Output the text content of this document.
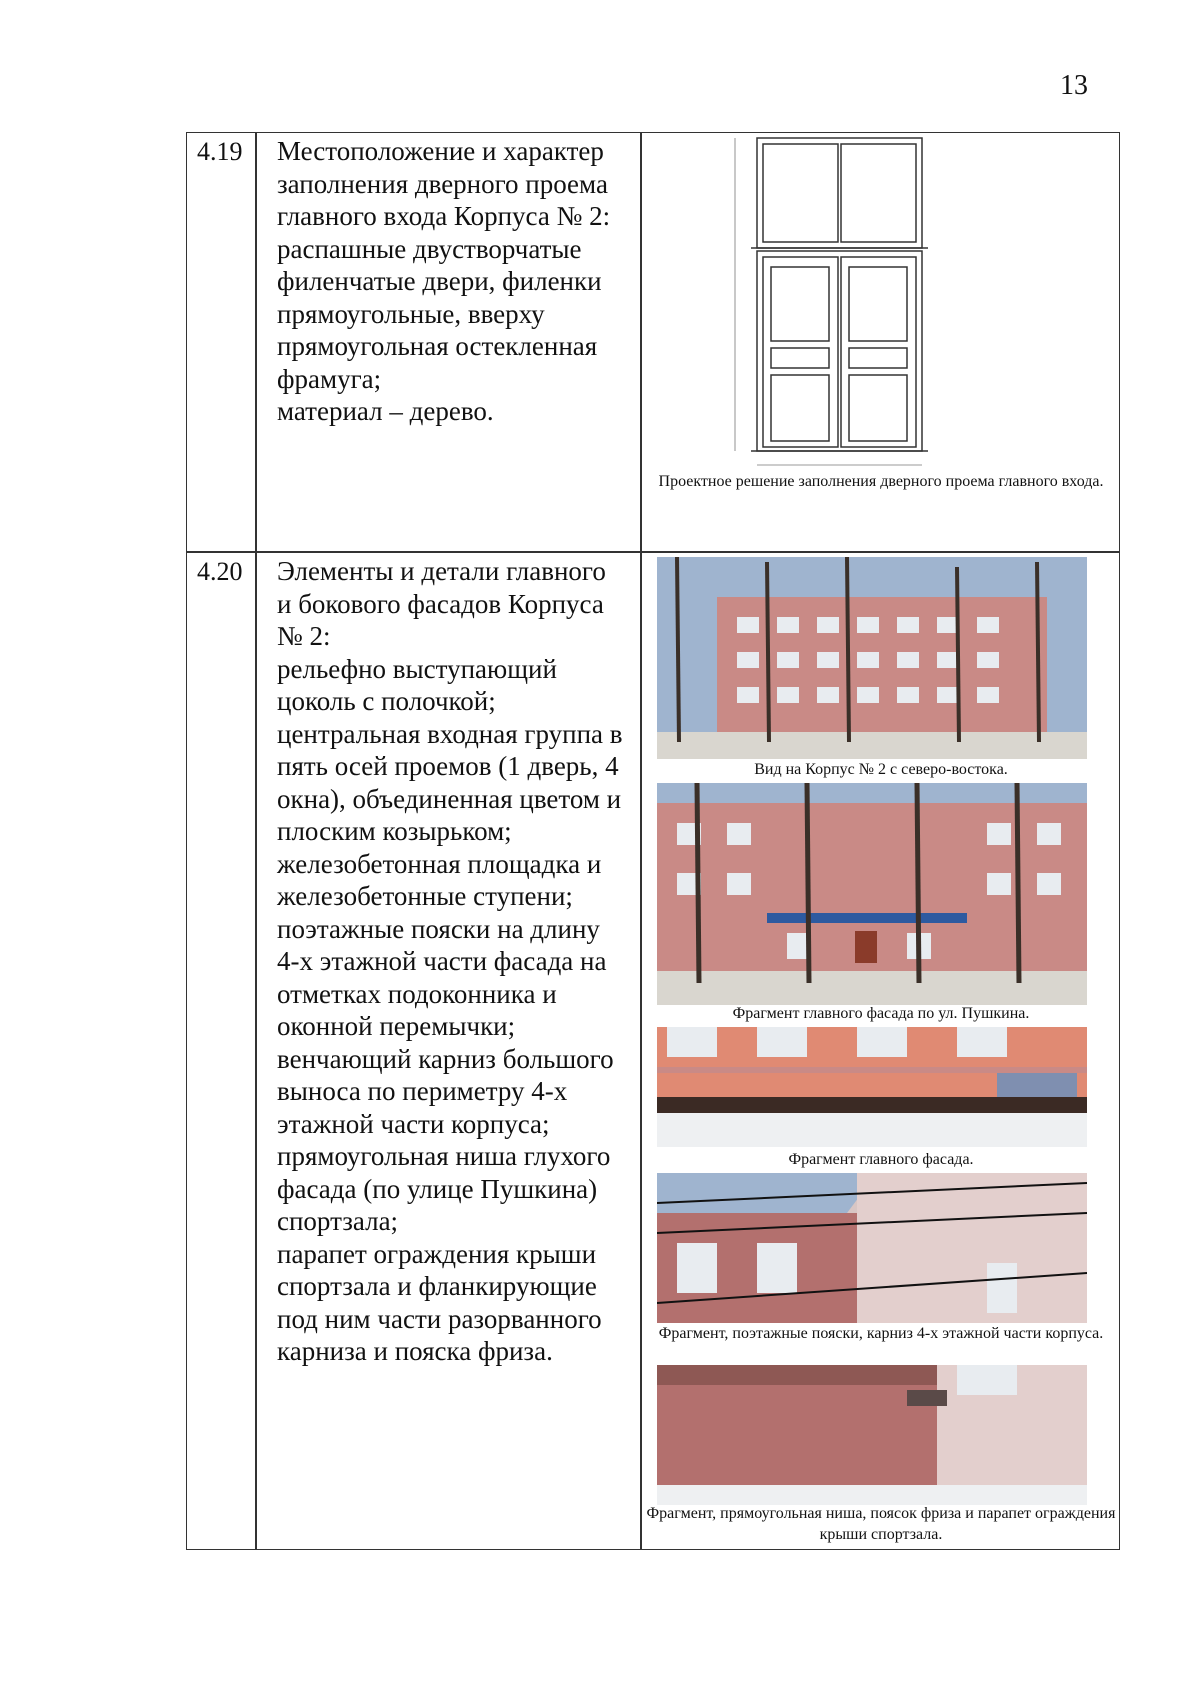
13
4.19 Местоположение и характер
заполнения дверного проема
главного входа Корпуса № 2:
распашные двустворчатые
филенчатые двери, филенки
прямоугольные, вверху
прямоугольная остекленная
фрамуга;
материал – дерево.
Проектное решение заполнения дверного проема главного входа.
4.20 Элементы и детали главного
и бокового фасадов Корпуса
№ 2:
рельефно выступающий
цоколь с полочкой;
центральная входная группа в
пять осей проемов (1 дверь, 4
окна), объединенная цветом и
плоским козырьком;
железобетонная площадка и
железобетонные ступени;
поэтажные пояски на длину
4-х этажной части фасада на
отметках подоконника и
оконной перемычки;
венчающий карниз большого
выноса по периметру 4-х
этажной части корпуса;
прямоугольная ниша глухого
фасада (по улице Пушкина)
спортзала;
парапет ограждения крыши
спортзала и фланкирующие
под ним части разорванного
карниза и пояска фриза.
Вид на Корпус № 2 с северо-востока.
Фрагмент главного фасада по ул. Пушкина.
Фрагмент главного фасада.
Фрагмент, поэтажные пояски, карниз 4-х этажной части корпуса.
Фрагмент, прямоугольная ниша, поясок фриза и парапет ограждения крыши спортзала.
